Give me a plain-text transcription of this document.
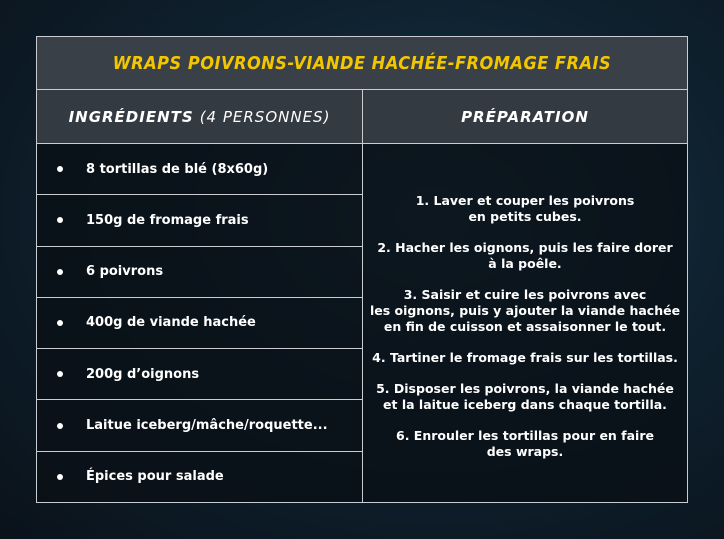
WRAPS POIVRONS-VIANDE HACHÉE-FROMAGE FRAIS
INGRÉDIENTS (4 PERSONNES)	PRÉPARATION
8 tortillas de blé (8x60g)
150g de fromage frais
6 poivrons
400g de viande hachée
200g d’oignons
Laitue iceberg/mâche/roquette...
Épices pour salade

1. Laver et couper les poivrons
en petits cubes.

2. Hacher les oignons, puis les faire dorer
à la poêle.

3. Saisir et cuire les poivrons avec
les oignons, puis y ajouter la viande hachée
en fin de cuisson et assaisonner le tout.

4. Tartiner le fromage frais sur les tortillas.

5. Disposer les poivrons, la viande hachée
et la laitue iceberg dans chaque tortilla.

6. Enrouler les tortillas pour en faire
des wraps.
